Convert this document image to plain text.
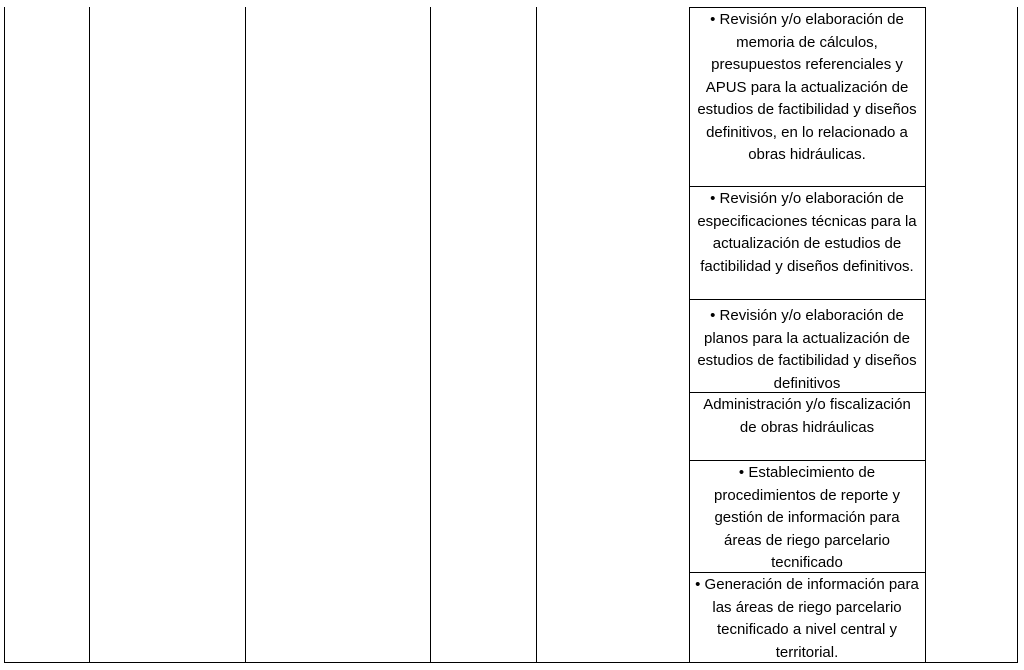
• Revisión y/o elaboración de memoria de cálculos, presupuestos referenciales y APUS para la actualización de estudios de factibilidad y diseños definitivos, en lo relacionado a obras hidráulicas.
• Revisión y/o elaboración de especificaciones técnicas para la actualización de estudios de factibilidad y diseños definitivos.
• Revisión y/o elaboración de planos para la actualización de estudios de factibilidad y diseños definitivos
Administración y/o fiscalización de obras hidráulicas
• Establecimiento de procedimientos de reporte y gestión de información para áreas de riego parcelario tecnificado
• Generación de información para las áreas de riego parcelario tecnificado a nivel central y territorial.
